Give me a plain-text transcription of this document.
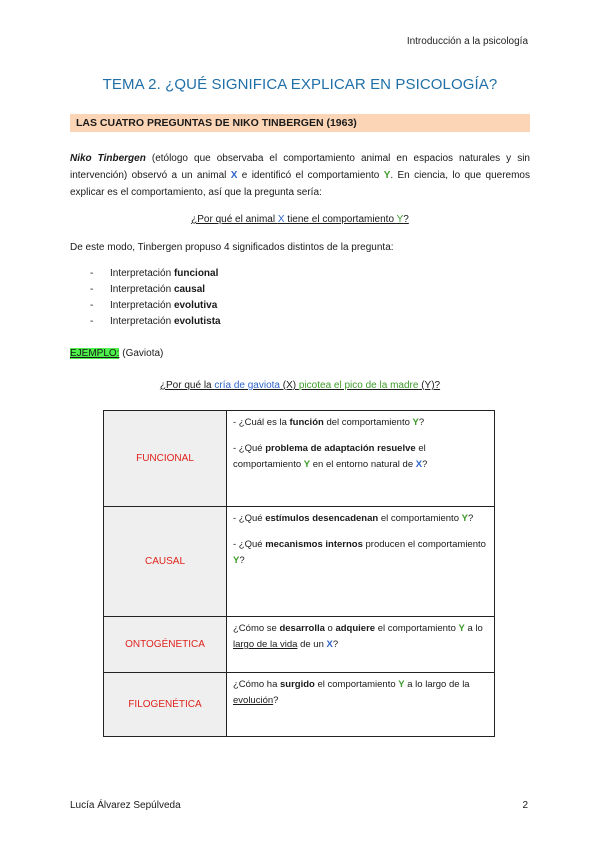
Introducción a la psicología
TEMA 2. ¿QUÉ SIGNIFICA EXPLICAR EN PSICOLOGÍA?
LAS CUATRO PREGUNTAS DE NIKO TINBERGEN (1963)
Niko Tinbergen (etólogo que observaba el comportamiento animal en espacios naturales y sin intervención) observó a un animal X e identificó el comportamiento Y. En ciencia, lo que queremos explicar es el comportamiento, así que la pregunta sería:
¿Por qué el animal X tiene el comportamiento Y?
De este modo, Tinbergen propuso 4 significados distintos de la pregunta:
- Interpretación funcional
- Interpretación causal
- Interpretación evolutiva
- Interpretación evolutista
EJEMPLO: (Gaviota)
¿Por qué la cría de gaviota (X) picotea el pico de la madre (Y)?
FUNCIONAL	- ¿Cuál es la función del comportamiento Y?

- ¿Qué problema de adaptación resuelve el comportamiento Y en el entorno natural de X?

CAUSAL	- ¿Qué estímulos desencadenan el comportamiento Y?

- ¿Qué mecanismos internos producen el comportamiento Y?

ONTOGÉNETICA	¿Cómo se desarrolla o adquiere el comportamiento Y a lo largo de la vida de un X?

FILOGENÉTICA	¿Cómo ha surgido el comportamiento Y a lo largo de la evolución?

Lucía Álvarez Sepúlveda	2
